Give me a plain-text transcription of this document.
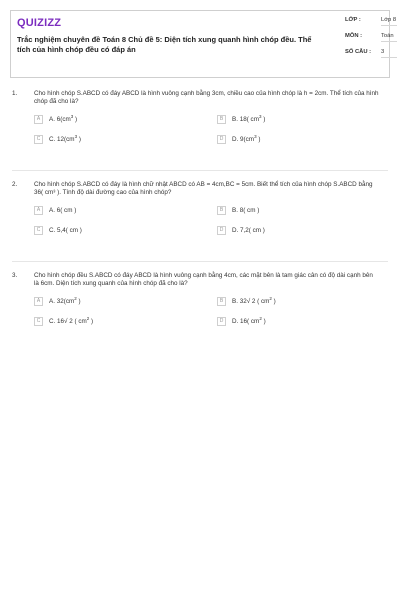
QUIZIZZ
Trắc nghiệm chuyên đề Toán 8 Chủ đề 5: Diện tích xung quanh hình chóp đều. Thể tích của hình chóp đều có đáp án
LỚP :	Lớp 8
MÔN :	Toán
SỐ CÂU : 3
1.	Cho hình chóp S.ABCD có đáy ABCD là hình vuông cạnh bằng 3cm, chiều cao của hình chóp là h = 2cm. Thể tích của hình chóp đã cho là?
A	A. $6(cm^3$ )	B	B. 18( $cm^3$ )
C	C. $12(cm^3$ )	D	D. $9(cm^3$ )
2.	Cho hình chóp S.ABCD có đáy là hình chữ nhật ABCD có AB = 4cm,BC = 5cm. Biết thể tích của hình chóp S.ABCD bằng 36( cm³ ). Tính độ dài đường cao của hình chóp?
A	A. 6( cm )	B	B. 8( cm )
C	C. 5,4( cm )	D	D. 7,2( cm )
3.	Cho hình chóp đều S.ABCD có đáy ABCD là hình vuông cạnh bằng 4cm, các mặt bên là tam giác cân có độ dài cạnh bên là 6cm. Diện tích xung quanh của hình chóp đã cho là?
A	A. $32(cm^2$ )	B	B. 32√ 2 ( $cm^2$ )
C	C. 16√ 2 ( $cm^2$ )	D	D. 16( $cm^2$ )
